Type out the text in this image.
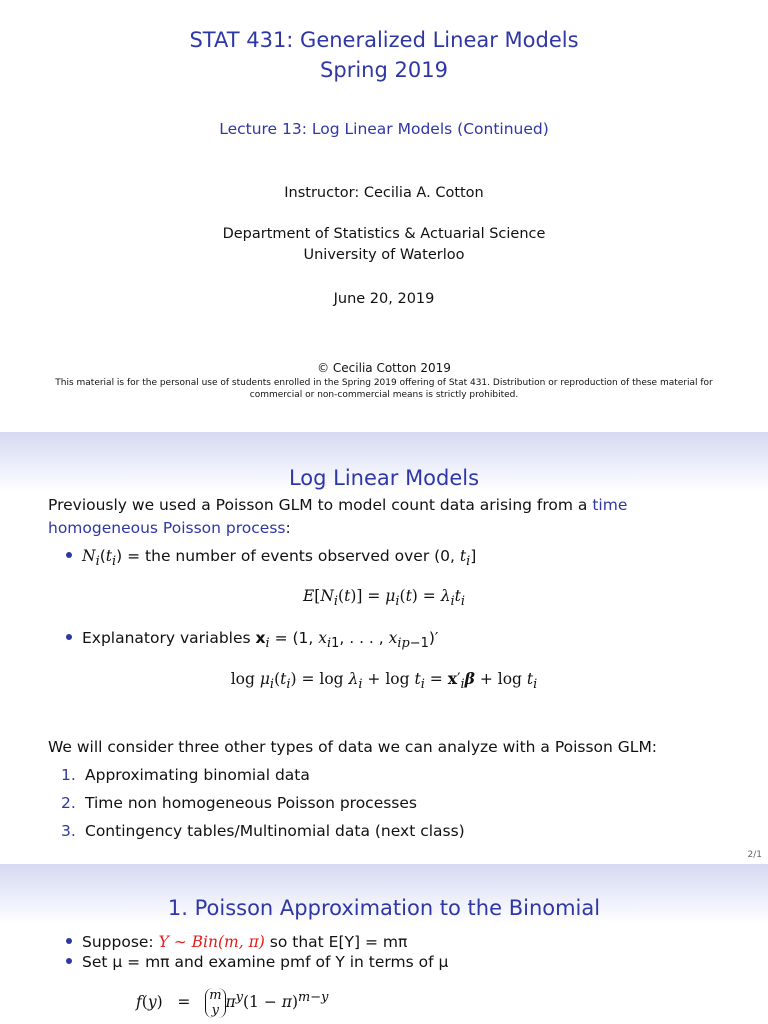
STAT 431: Generalized Linear Models
Spring 2019
Lecture 13: Log Linear Models (Continued)
Instructor: Cecilia A. Cotton
Department of Statistics & Actuarial Science
University of Waterloo
June 20, 2019
© Cecilia Cotton 2019
This material is for the personal use of students enrolled in the Spring 2019 offering of Stat 431. Distribution or reproduction of these material for
commercial or non-commercial means is strictly prohibited.
Log Linear Models
Previously we used a Poisson GLM to model count data arising from a time
homogeneous Poisson process:
$N_i(t_i)$ = the number of events observed over (0, $t_i$]
$E[N_i(t)] = \mu_i(t) = \lambda_it_i$
Explanatory variables $x_i = (1$, $x_{i1}$, . . . , $x_{ip-1})'$
$\log \mu_i(t_i) = \log \lambda_i + \log t_i = x'_i\beta + \log t_i$
We will consider three other types of data we can analyze with a Poisson GLM:
1. Approximating binomial data
2. Time non homogeneous Poisson processes
3. Contingency tables/Multinomial data (next class)
2/1
1. Poisson Approximation to the Binomial
Suppose: Y ∼ Bin(m, π) so that E[Y] = mπ
Set μ = mπ and examine pmf of Y in terms of μ
f(y)   =   m
y $\pi^y(1 - \pi)^{m-y}$
